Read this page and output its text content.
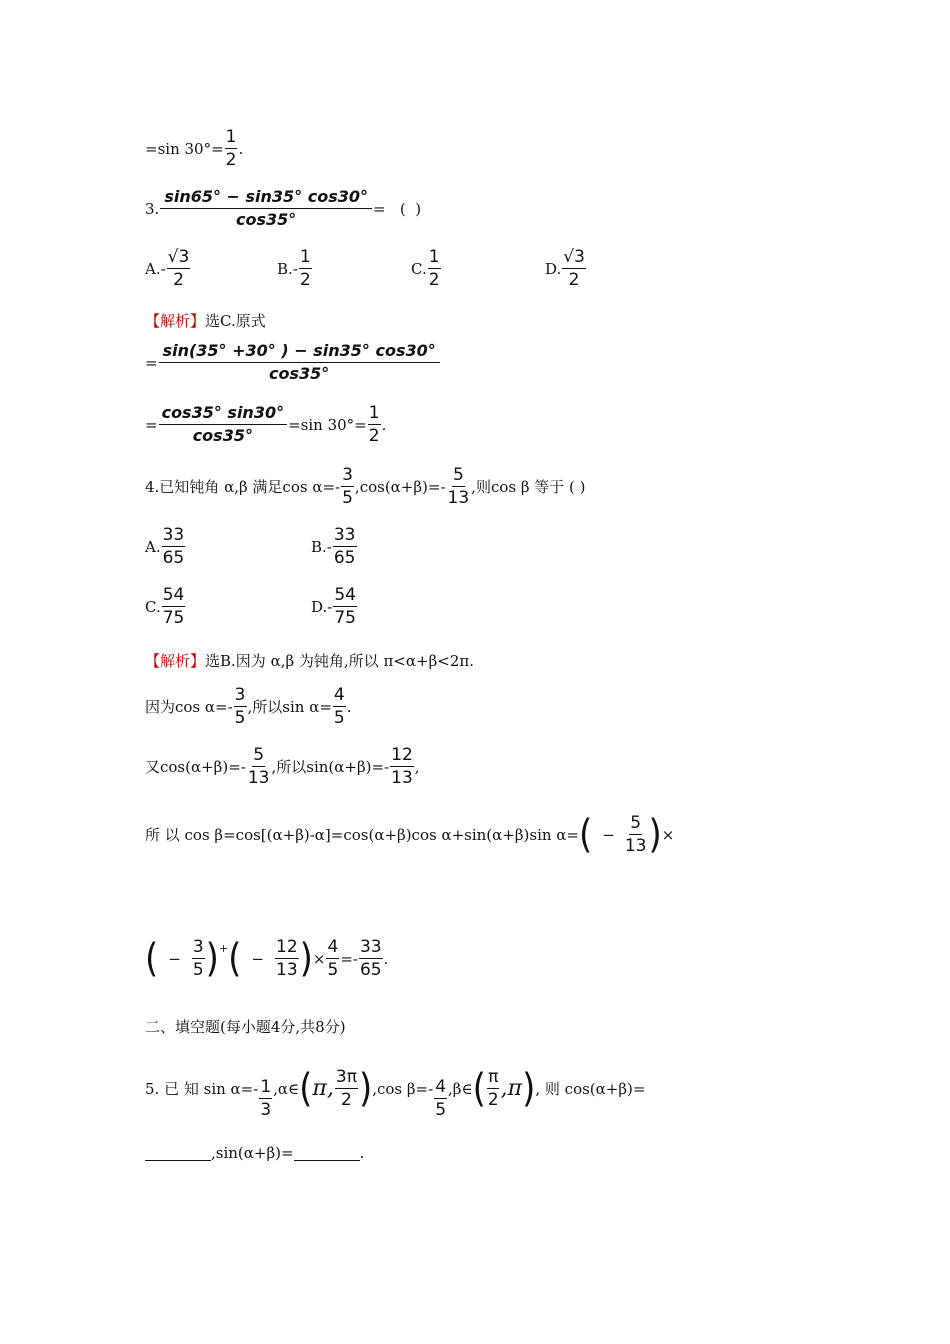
=sin $30^\circ= \frac{1}{2}$ .
3. $\frac{\sin 65^\circ - \sin 35^\circ \cos 30^\circ}{\cos 35^\circ}$ =   (  )
$A.- \frac{√3}{2}$	$B.- \frac{1}{2}$	C. $\frac{1}{2}$	D. $\frac{√3}{2}$
【解析】选C.原式
= $\frac{\sin(35^\circ +30^\circ ) - \sin 35^\circ \cos 30^\circ}{\cos 35^\circ}$
= $\frac{\cos 35^\circ \sin 30^\circ}{\cos 35^\circ} =\sin$ $30^\circ= \frac{1}{2}$ .
4.已知钝角 α,β 满足$\cos \alpha=- \frac{3}{5} ,\cos(\alpha+\beta)=- \frac{5}{13}$ ,则cos β 等于 ( )
A. $\frac{33}{65}$	$B.- \frac{33}{65}$
C. $\frac{54}{75}$	$D.- \frac{54}{75}$
【解析】选B.因为 α,β 为钝角,所以 π<α+β<2π.
因为$\cos \alpha=- \frac{3}{5}$ ,所以$\sin \alpha= \frac{4}{5}$ .
又$\cos(\alpha+\beta)=- \frac{5}{13}$ ,所以$\sin(\alpha+\beta)=- \frac{12}{13}$ ,
所 以 cos β=cos[(α+β)-α]=cos(α+β)cos α+sin(α+β)sin α= ( − $\frac{5}{13}$ ) ×
( − $\frac{3}{5}$ ) + ( − $\frac{12}{13}$ ) × $\frac{4}{5} =- \frac{33}{65}$ .
二、填空题(每小题4分,共8分)
5. 已 知 $\sin \alpha=- \frac{1}{3}$ ,α∈ ( π, $\frac{3\pi}{2}$ ) ,cos $\beta=- \frac{4}{5}$ ,β∈ ( $\frac{\pi}{2} ,\pi$ ) , 则 cos(α+β)=
,sin(α+β)=	.
